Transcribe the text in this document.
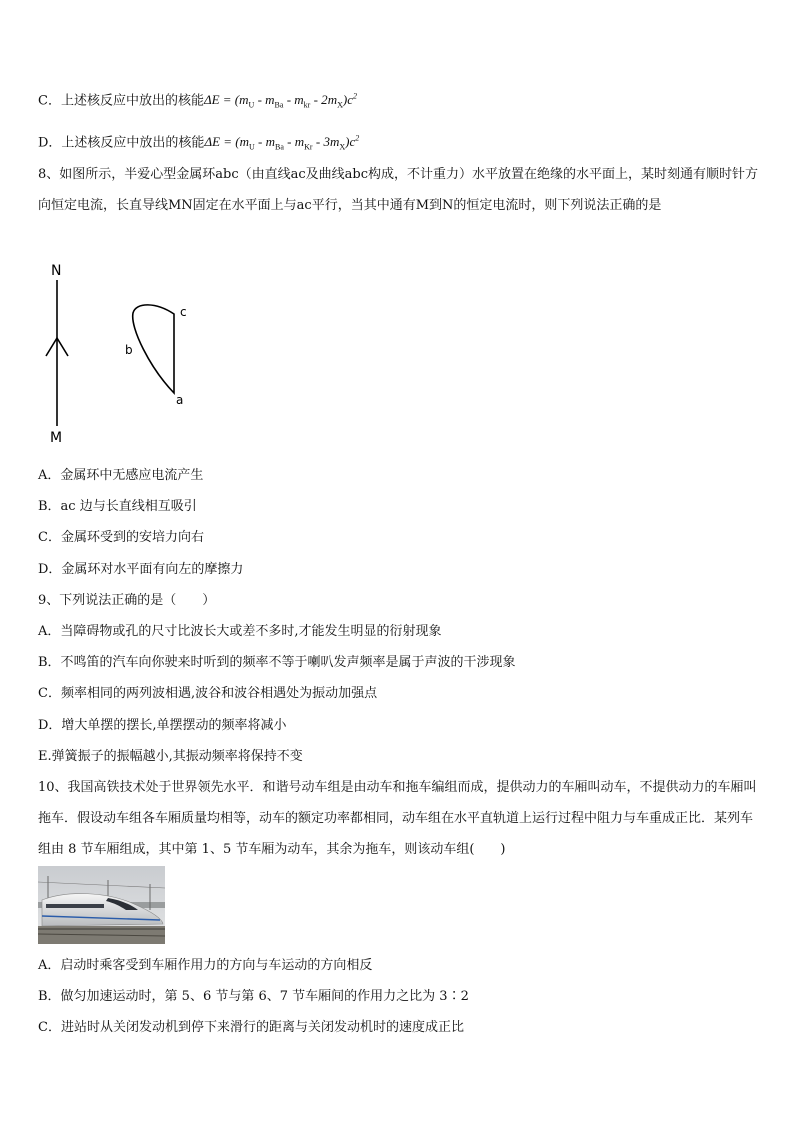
C．上述核反应中放出的核能$\Delta E = (m_U - m_{Ba} - m_{kr} - 2m_X)c^2$
D．上述核反应中放出的核能$\Delta E = (m_U - m_{Ba} - m_{Kr} - 3m_X)c^2$
8、如图所示，半爱心型金属环abc（由直线ac及曲线abc构成，不计重力）水平放置在绝缘的水平面上，某时刻通有顺时针方向恒定电流，长直导线MN固定在水平面上与ac平行，当其中通有M到N的恒定电流时，则下列说法正确的是
N
M
c
b
a
A．金属环中无感应电流产生
B．ac 边与长直线相互吸引
C．金属环受到的安培力向右
D．金属环对水平面有向左的摩擦力
9、下列说法正确的是（　　）
A．当障碍物或孔的尺寸比波长大或差不多时,才能发生明显的衍射现象
B．不鸣笛的汽车向你驶来时听到的频率不等于喇叭发声频率是属于声波的干涉现象
C．频率相同的两列波相遇,波谷和波谷相遇处为振动加强点
D．增大单摆的摆长,单摆摆动的频率将减小
E.弹簧振子的振幅越小,其振动频率将保持不变
10、我国高铁技术处于世界领先水平．和谐号动车组是由动车和拖车编组而成，提供动力的车厢叫动车，不提供动力的车厢叫拖车．假设动车组各车厢质量均相等，动车的额定功率都相同，动车组在水平直轨道上运行过程中阻力与车重成正比．某列车组由 8 节车厢组成，其中第 1、5 节车厢为动车，其余为拖车，则该动车组(　　)
A．启动时乘客受到车厢作用力的方向与车运动的方向相反
B．做匀加速运动时，第 5、6 节与第 6、7 节车厢间的作用力之比为 3∶2
C．进站时从关闭发动机到停下来滑行的距离与关闭发动机时的速度成正比
